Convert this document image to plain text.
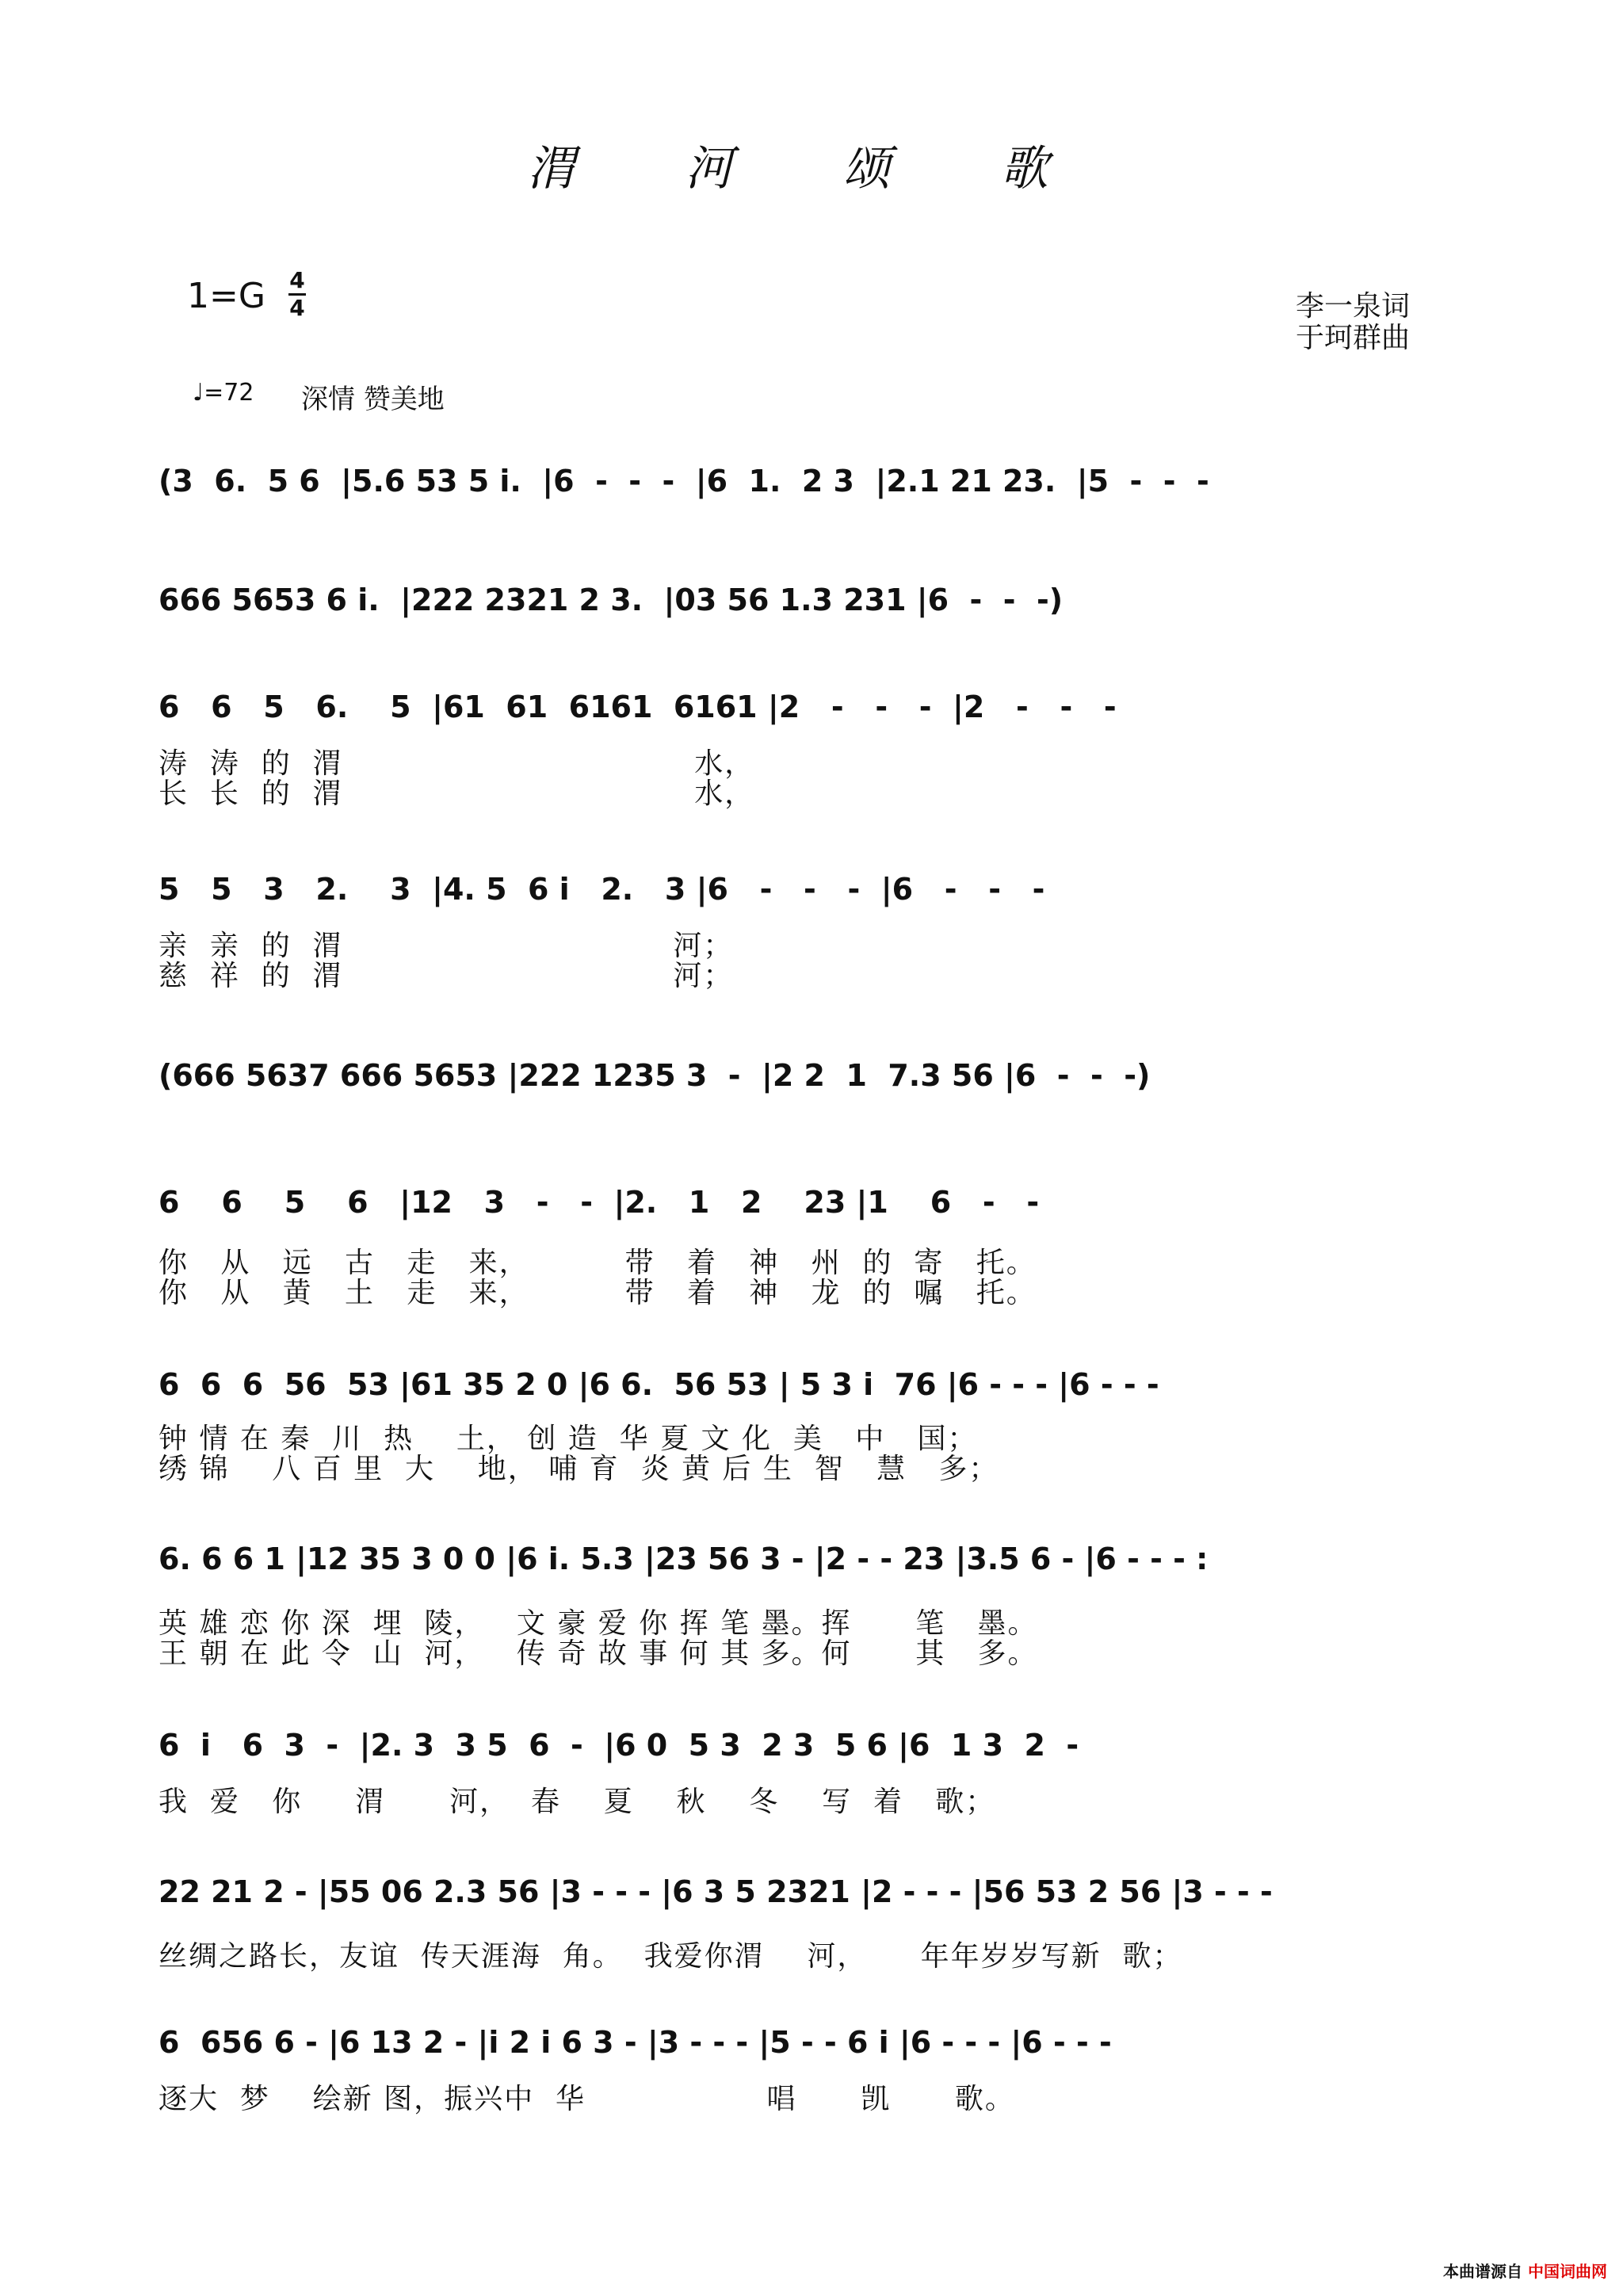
渭 河 颂 歌
1=G 4
4	李一泉词
于珂群曲
♩=72 深情 赞美地
(3  6.  5 6  |5.6 53 5 i.  |6  -  -  -  |6  1.  2 3  |2.1 21 23.  |5  -  -  -
666 5653 6 i.  |222 2321 2 3.  |03 56 1.3 231 |6  -  -  -)
6   6   5   6.    5  |61  61  6161  6161 |2   -   -   -  |2   -   -   -
涛  涛  的  渭                                 水，
长  长  的  渭                                 水，
5   5   3   2.    3  |4. 5  6 i   2.   3 |6   -   -   -  |6   -   -   -
亲  亲  的  渭                               河；
慈  祥  的  渭                               河；
(666 5637 666 5653 |222 1235 3  -  |2 2  1  7.3 56 |6  -  -  -)
6    6    5    6   |12   3   -   -  |2.   1   2    23 |1    6   -   -
你   从   远   古   走   来，         带   着   神   州  的  寄   托。
你   从   黄   土   走   来，         带   着   神   龙  的  嘱   托。
6  6  6  56  53 |61 35 2 0 |6 6.  56 53 | 5 3 i  76 |6 - - - |6 - - -
钟 情 在 秦  川  热    土， 创 造  华 夏 文 化  美   中   国；
绣 锦    八 百 里  大    地， 哺 育  炎 黄 后 生  智   慧   多；
6. 6 6 1 |12 35 3 0 0 |6 i. 5.3 |23 56 3 - |2 - - 23 |3.5 6 - |6 - - - :
英 雄 恋 你 深  埋  陵，   文 豪 爱 你 挥 笔 墨。挥      笔   墨。
王 朝 在 此 令  山  河，   传 奇 故 事 何 其 多。何      其   多。
6  i   6  3  -  |2. 3  3 5  6  -  |6 0  5 3  2 3  5 6 |6  1 3  2  -
我  爱   你     渭      河，  春    夏    秋    冬    写  着   歌；
22 21 2 - |55 06 2.3 56 |3 - - - |6 3 5 2321 |2 - - - |56 53 2 56 |3 - - -
丝绸之路长，友谊  传天涯海  角。  我爱你渭    河，     年年岁岁写新  歌；
6  656 6 - |6 13 2 - |i 2 i 6 3 - |3 - - - |5 - - 6 i |6 - - - |6 - - -
逐大  梦    绘新 图，振兴中  华                 唱      凯      歌。
本曲谱源自 中国词曲网
